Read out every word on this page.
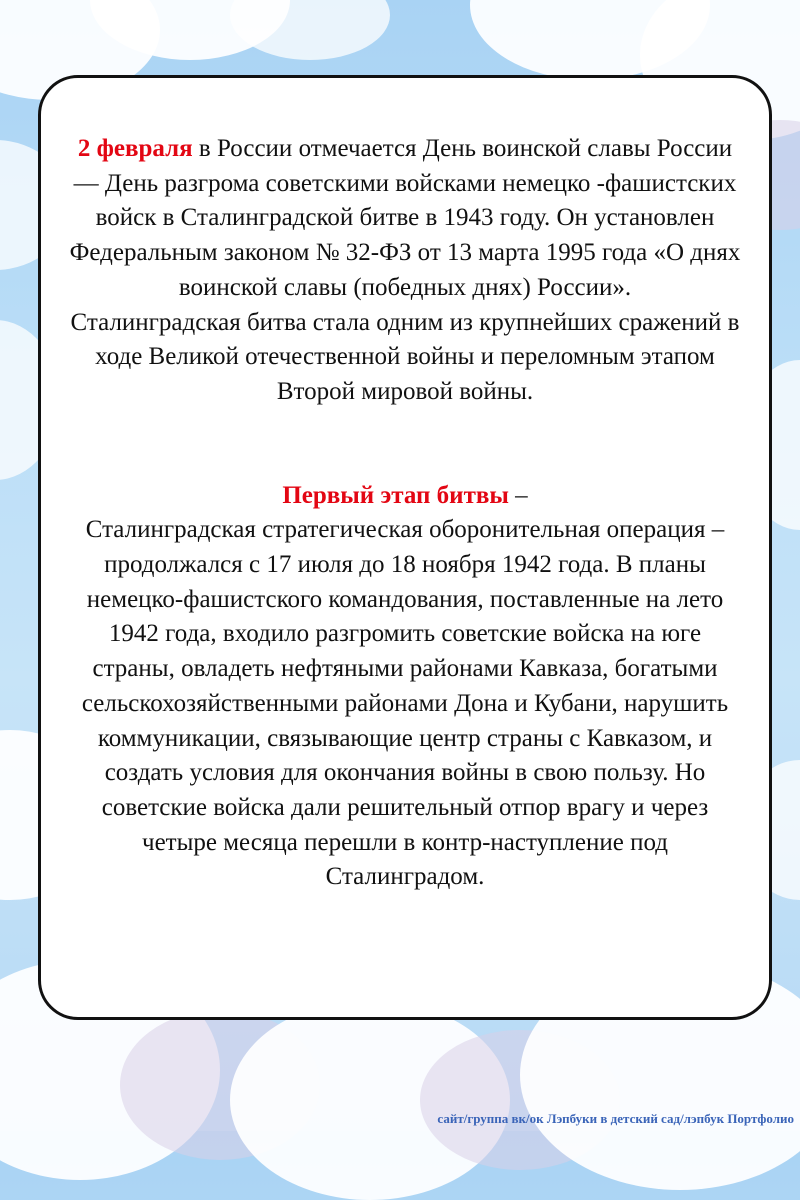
2 февраля в России отмечается День воинской славы России — День разгрома советскими войсками немецко -фашистских войск в Сталинградской битве в 1943 году. Он установлен Федеральным законом № 32-ФЗ от 13 марта 1995 года «О днях воинской славы (победных днях) России».

Сталинградская битва стала одним из крупнейших сражений в ходе Великой отечественной войны и переломным этапом Второй мировой войны.

Первый этап битвы –
Сталинградская стратегическая оборонительная операция – продолжался с 17 июля до 18 ноября 1942 года. В планы немецко-фашистского командования, поставленные на лето 1942 года, входило разгромить советские войска на юге страны, овладеть нефтяными районами Кавказа, богатыми сельскохозяйственными районами Дона и Кубани, нарушить коммуникации, связывающие центр страны с Кавказом, и создать условия для окончания войны в свою пользу. Но советские войска дали решительный отпор врагу и через четыре месяца перешли в контр-наступление под Сталинградом.
сайт/группа вк/ок Лэпбуки в детский сад/лэпбук Портфолио
